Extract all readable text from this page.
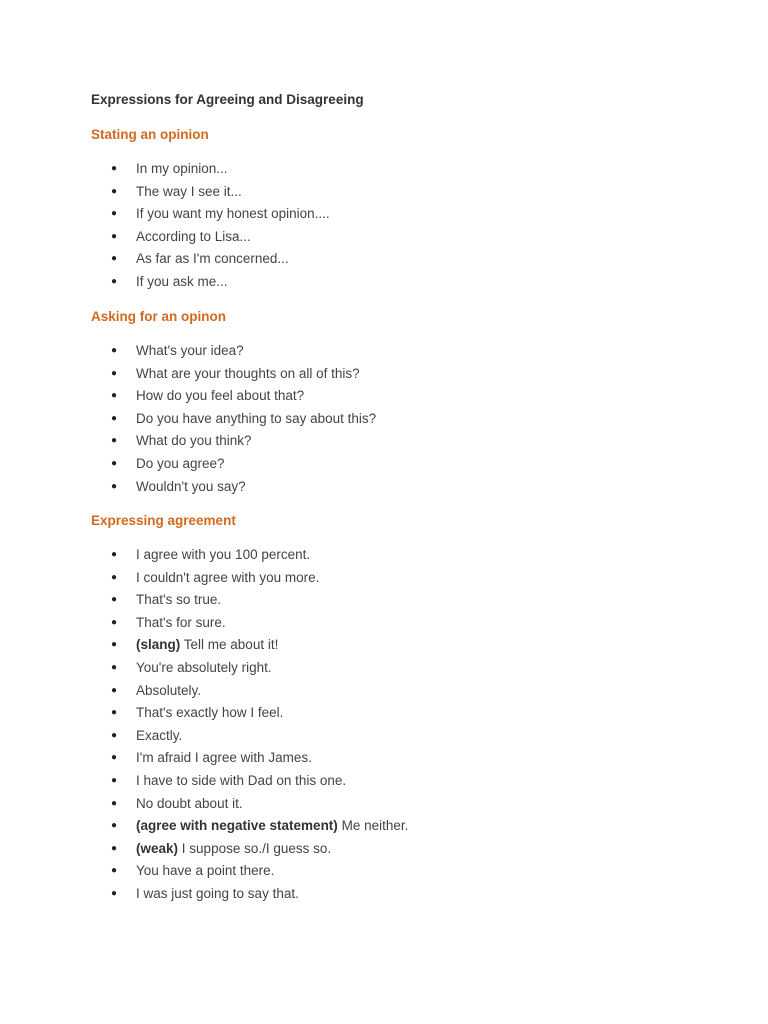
Expressions for Agreeing and Disagreeing
Stating an opinion
● In my opinion...
● The way I see it...
● If you want my honest opinion....
● According to Lisa...
● As far as I'm concerned...
● If you ask me...
Asking for an opinon
● What's your idea?
● What are your thoughts on all of this?
● How do you feel about that?
● Do you have anything to say about this?
● What do you think?
● Do you agree?
● Wouldn't you say?
Expressing agreement
● I agree with you 100 percent.
● I couldn't agree with you more.
● That's so true.
● That's for sure.
● (slang) Tell me about it!
● You're absolutely right.
● Absolutely.
● That's exactly how I feel.
● Exactly.
● I'm afraid I agree with James.
● I have to side with Dad on this one.
● No doubt about it.
● (agree with negative statement) Me neither.
● (weak) I suppose so./I guess so.
● You have a point there.
● I was just going to say that.
